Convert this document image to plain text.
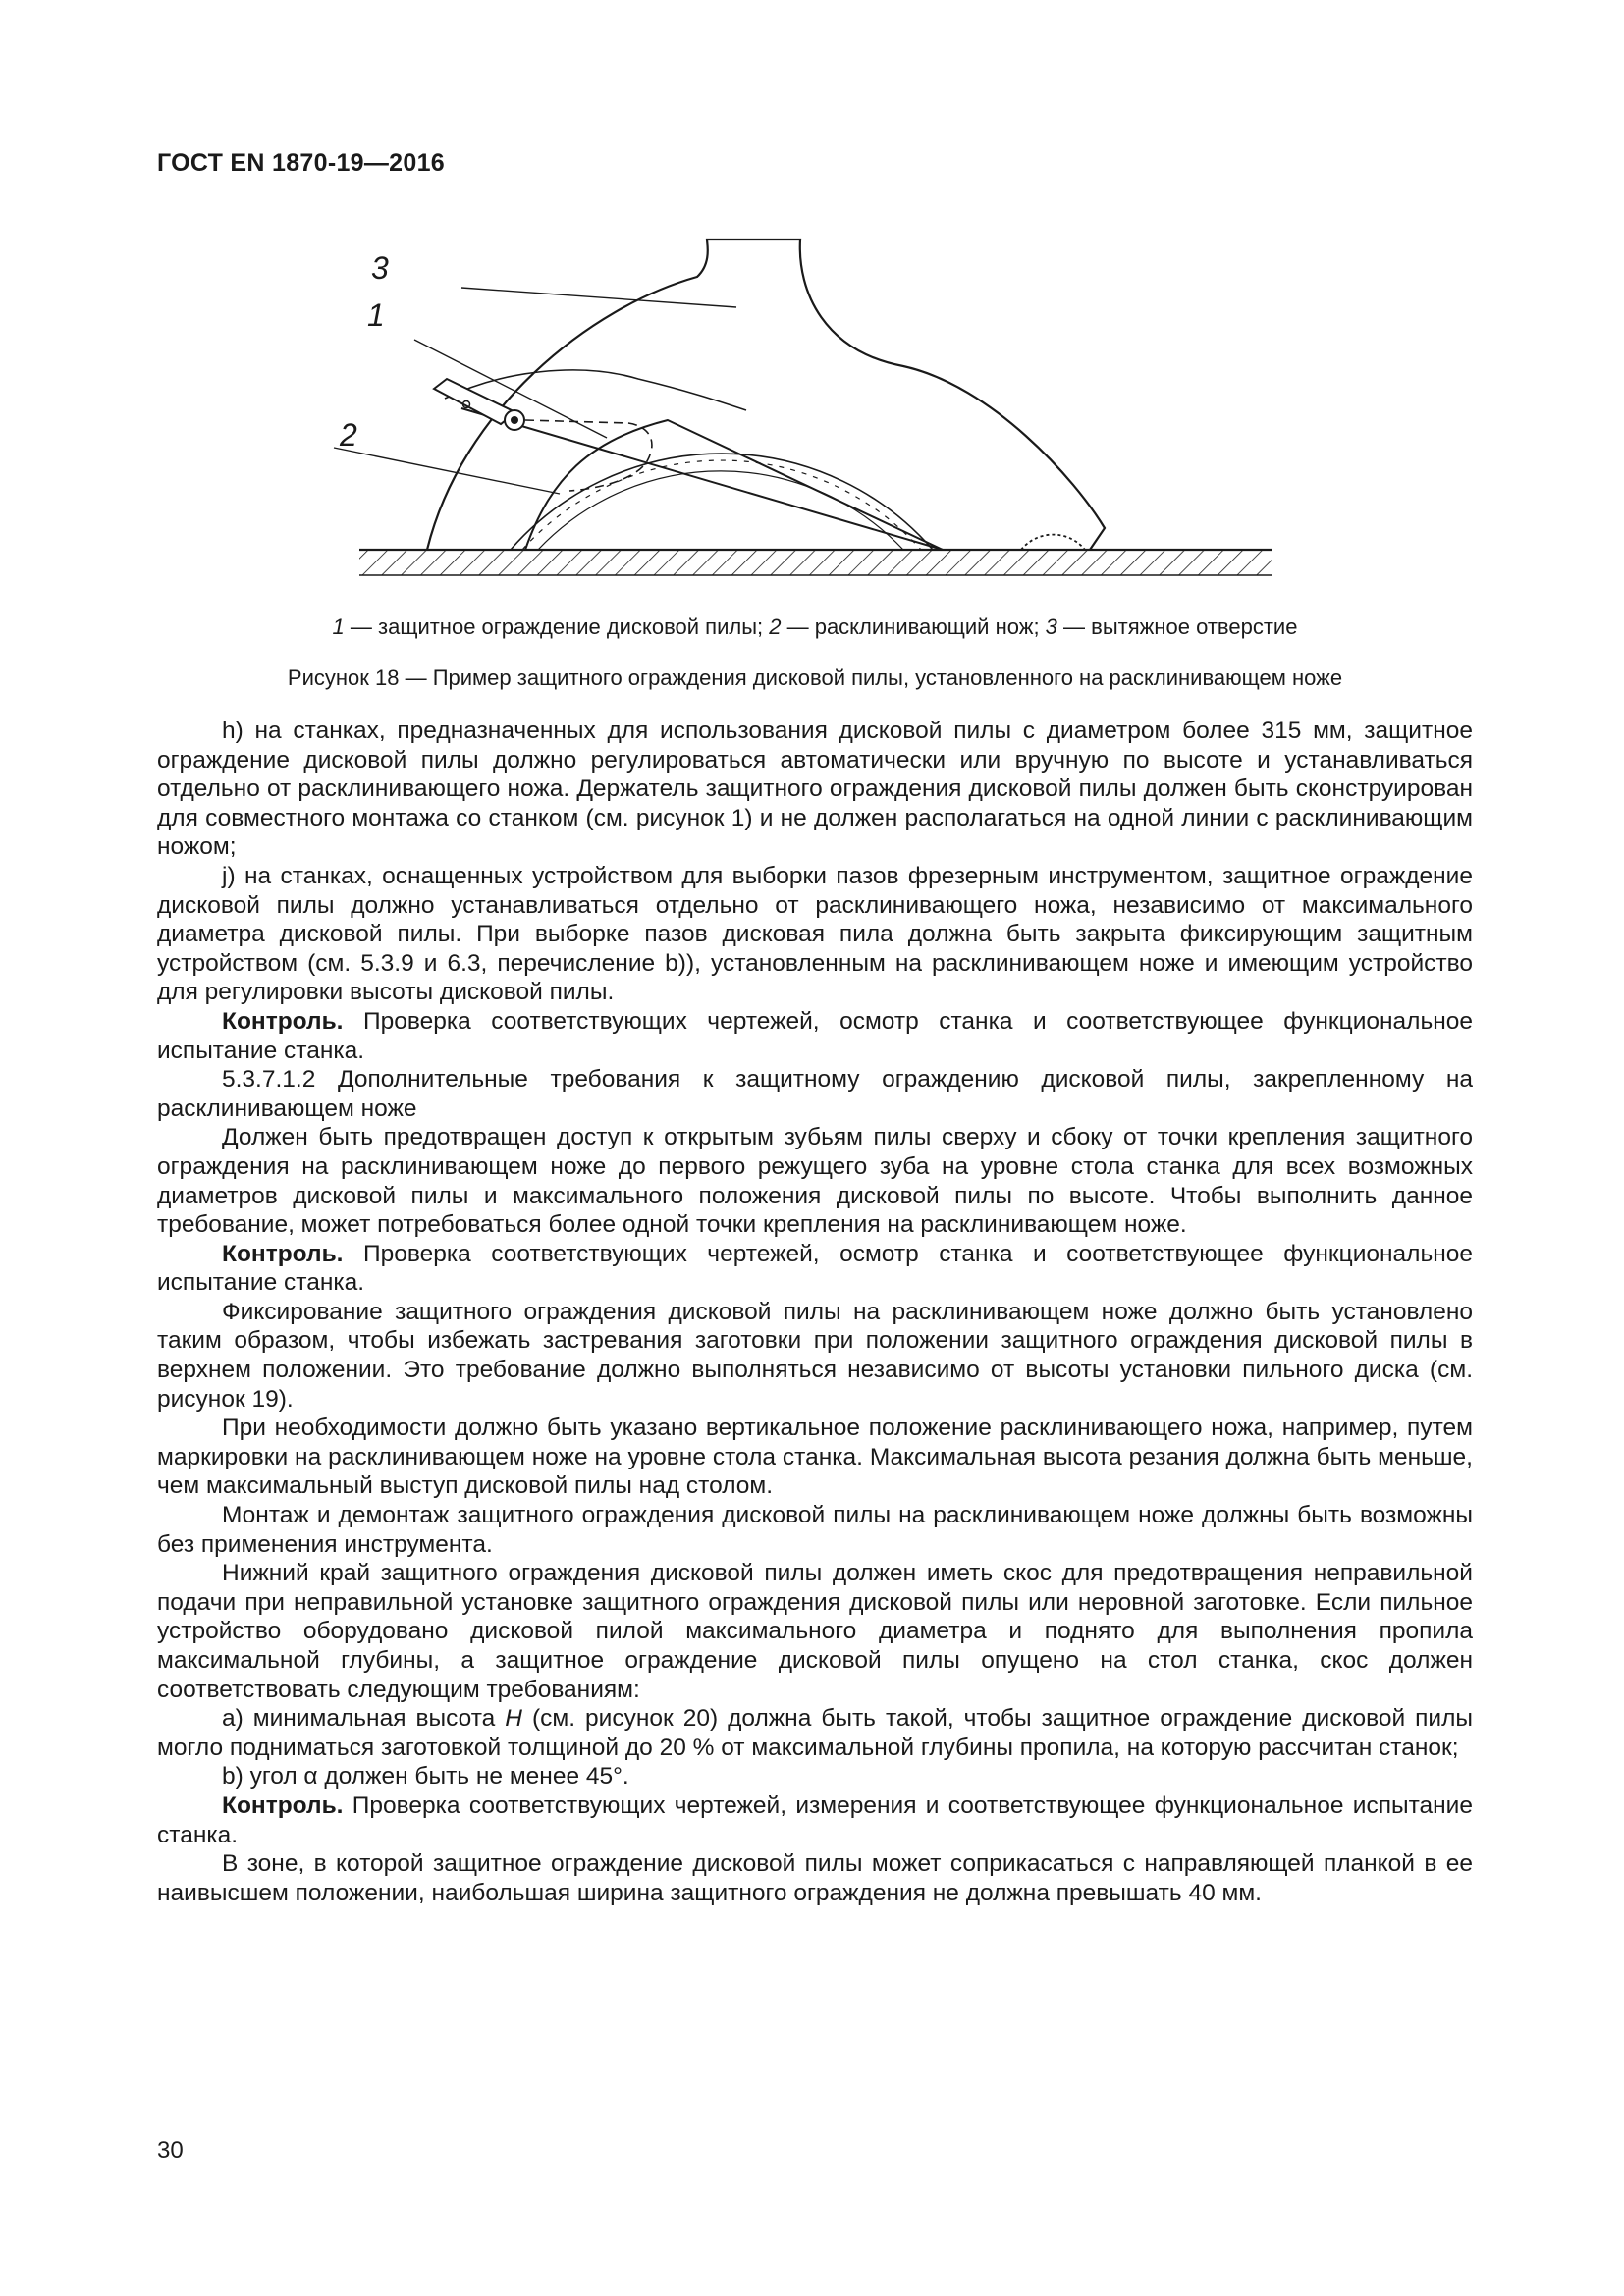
ГОСТ EN 1870-19—2016
3
1
2
1 — защитное ограждение дисковой пилы; 2 — расклинивающий нож; 3 — вытяжное отверстие
Рисунок 18 — Пример защитного ограждения дисковой пилы, установленного на расклинивающем ноже

h) на станках, предназначенных для использования дисковой пилы с диаметром более 315 мм, защитное ограждение дисковой пилы должно регулироваться автоматически или вручную по высоте и устанавливаться отдельно от расклинивающего ножа. Держатель защитного ограждения дисковой пилы должен быть сконструирован для совместного монтажа со станком (см. рисунок 1) и не должен располагаться на одной линии с расклинивающим ножом;

j) на станках, оснащенных устройством для выборки пазов фрезерным инструментом, защитное ограждение дисковой пилы должно устанавливаться отдельно от расклинивающего ножа, независимо от максимального диаметра дисковой пилы. При выборке пазов дисковая пила должна быть закрыта фиксирующим защитным устройством (см. 5.3.9 и 6.3, перечисление b)), установленным на расклинивающем ноже и имеющим устройство для регулировки высоты дисковой пилы.

Контроль. Проверка соответствующих чертежей, осмотр станка и соответствующее функциональное испытание станка.

5.3.7.1.2 Дополнительные требования к защитному ограждению дисковой пилы, закрепленному на расклинивающем ноже

Должен быть предотвращен доступ к открытым зубьям пилы сверху и сбоку от точки крепления защитного ограждения на расклинивающем ноже до первого режущего зуба на уровне стола станка для всех возможных диаметров дисковой пилы и максимального положения дисковой пилы по высоте. Чтобы выполнить данное требование, может потребоваться более одной точки крепления на расклинивающем ноже.

Контроль. Проверка соответствующих чертежей, осмотр станка и соответствующее функциональное испытание станка.

Фиксирование защитного ограждения дисковой пилы на расклинивающем ноже должно быть установлено таким образом, чтобы избежать застревания заготовки при положении защитного ограждения дисковой пилы в верхнем положении. Это требование должно выполняться независимо от высоты установки пильного диска (см. рисунок 19).

При необходимости должно быть указано вертикальное положение расклинивающего ножа, например, путем маркировки на расклинивающем ноже на уровне стола станка. Максимальная высота резания должна быть меньше, чем максимальный выступ дисковой пилы над столом.

Монтаж и демонтаж защитного ограждения дисковой пилы на расклинивающем ноже должны быть возможны без применения инструмента.

Нижний край защитного ограждения дисковой пилы должен иметь скос для предотвращения неправильной подачи при неправильной установке защитного ограждения дисковой пилы или неровной заготовке. Если пильное устройство оборудовано дисковой пилой максимального диаметра и поднято для выполнения пропила максимальной глубины, а защитное ограждение дисковой пилы опущено на стол станка, скос должен соответствовать следующим требованиям:

a) минимальная высота H (см. рисунок 20) должна быть такой, чтобы защитное ограждение дисковой пилы могло подниматься заготовкой толщиной до 20 % от максимальной глубины пропила, на которую рассчитан станок;

b) угол α должен быть не менее 45°.

Контроль. Проверка соответствующих чертежей, измерения и соответствующее функциональное испытание станка.

В зоне, в которой защитное ограждение дисковой пилы может соприкасаться с направляющей планкой в ее наивысшем положении, наибольшая ширина защитного ограждения не должна превышать 40 мм.

30
